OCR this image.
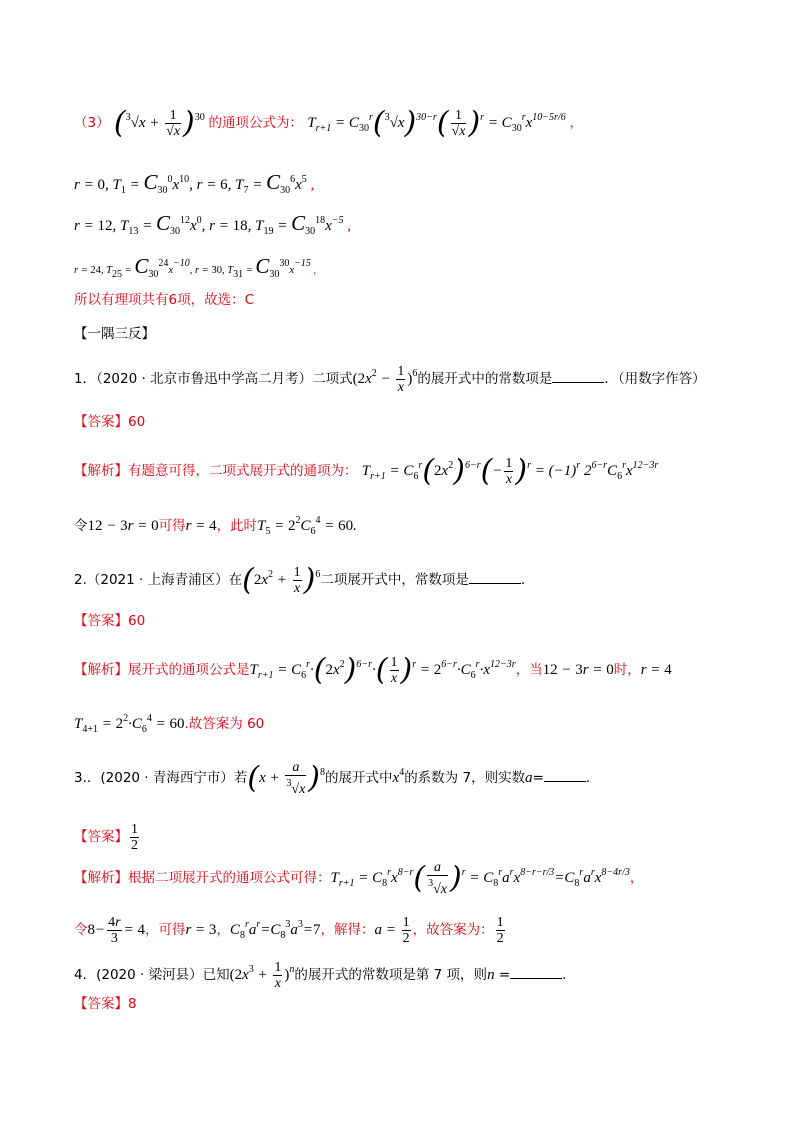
（3） $(^3√x + \frac{1}{√x} )^{30}$ 的通项公式为： $T_{r+1} = C_{30}^r(^3√x)^{30-r}( \frac{1}{√x} )^r = C_{30}^rx^{10-5r/6}$ ，
r = 0, $T_1 = C_{30}^0x^{10}$, r = 6, $T_7 = C_{30}^6x^5$ ,
r = 12, $T_{13} = C_{30}^{12}x^0$, r = 18, $T_{19} = C_{30}^{18}x^{-5}$ ,
r = 24, T25 = C3024x−10, r = 30, T31 = C3030x−15 ,
所以有理项共有6项，故选：C
【一隅三反】
1．（2020 · 北京市鲁迅中学高二月考）二项式$(2x^2 - \frac{1}{x} )^6$的展开式中的常数项是	．（用数字作答）
【答案】60
【解析】有题意可得，二项式展开式的通项为： $T_{r+1} = C_6^r(2x^2)^{6-r}(- \frac{1}{x} )^r = (-1)^r$ $2^{6-r}C_6^rx^{12-3r}$
令12 − 3r = 0可得r = 4，此时$T_5 = 2^2C_6^4 = 60$.
2.（2021 · 上海青浦区）在$(2x^2 + \frac{1}{x} )^6$二项展开式中，常数项是	.
【答案】60
【解析】展开式的通项公式是$T_{r+1} = C_6^r\cdot(2x^2)^{6-r}\cdot( \frac{1}{x} )^r = 2^{6-r}\cdot C_6^r\cdot x^{12-3r}$，当12 − 3r = 0时，r = 4
$T_{4+1} = 2^2\cdot C_6^4 = 60$.故答案为 60
3.．(2020 · 青海西宁市）若$(x + \frac{a}{^3√x} )^8$的展开式中$x^4$的系数为 7，则实数a=	.
【答案】 $\frac{1}{2}$
【解析】根据二项展开式的通项公式可得：$T_{r+1} = C_8^rx^{8-r}( \frac{a}{^3√x} )^r = C_8^ra^rx^{8-r-r/3}=C_8^ra^rx^{8-4r/3}$，
令$8- \frac{4r}{3} = 4$，可得r = 3，$C_8^ra^r=C_8^3a^3=7$，解得：$a = \frac{1}{2}$ ，故答案为： $\frac{1}{2}$
4．(2020 · 梁河县）已知$(2x^3 + \frac{1}{x} )^n$的展开式的常数项是第 7 项，则n =	.
【答案】8
